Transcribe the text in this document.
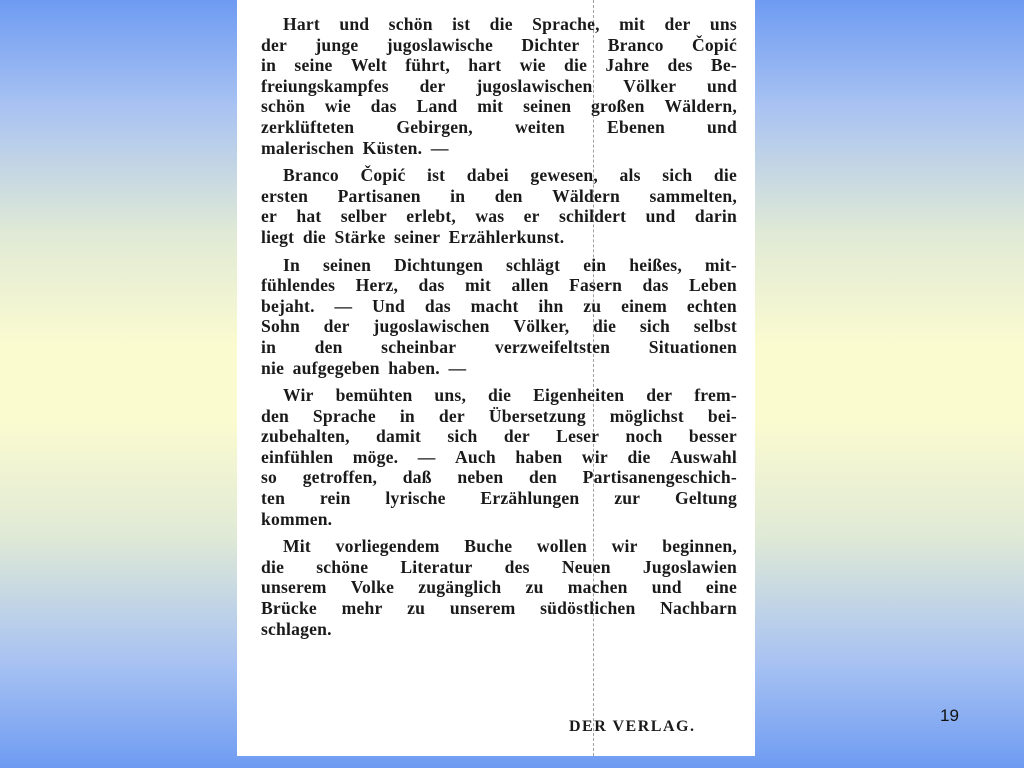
Hart und schön ist die Sprache, mit der uns
der junge jugoslawische Dichter Branco Čopić
in seine Welt führt, hart wie die Jahre des Be-
freiungskampfes der jugoslawischen Völker und
schön wie das Land mit seinen großen Wäldern,
zerklüfteten Gebirgen, weiten Ebenen und
malerischen Küsten. —
Branco Čopić ist dabei gewesen, als sich die
ersten Partisanen in den Wäldern sammelten,
er hat selber erlebt, was er schildert und darin
liegt die Stärke seiner Erzählerkunst.
In seinen Dichtungen schlägt ein heißes, mit-
fühlendes Herz, das mit allen Fasern das Leben
bejaht. — Und das macht ihn zu einem echten
Sohn der jugoslawischen Völker, die sich selbst
in den scheinbar verzweifeltsten Situationen
nie aufgegeben haben. —
Wir bemühten uns, die Eigenheiten der frem-
den Sprache in der Übersetzung möglichst bei-
zubehalten, damit sich der Leser noch besser
einfühlen möge. — Auch haben wir die Auswahl
so getroffen, daß neben den Partisanengeschich-
ten rein lyrische Erzählungen zur Geltung
kommen.
Mit vorliegendem Buche wollen wir beginnen,
die schöne Literatur des Neuen Jugoslawien
unserem Volke zugänglich zu machen und eine
Brücke mehr zu unserem südöstlichen Nachbarn
schlagen.
DER VERLAG.
19
